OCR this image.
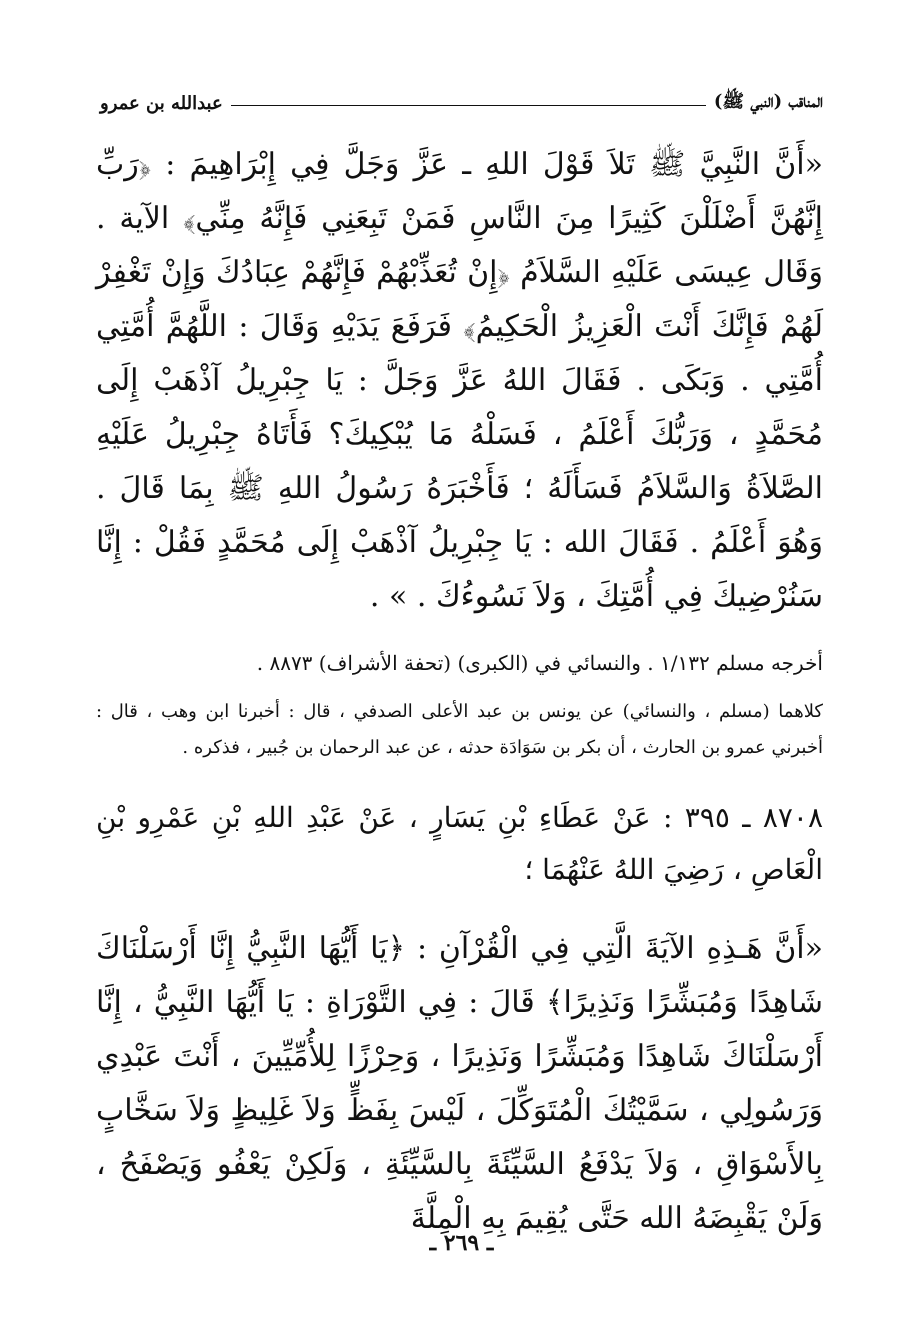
المناقب (النبي ﷺ)
عبدالله بن عمرو

«أَنَّ النَّبِيَّ ﷺ تَلاَ قَوْلَ اللهِ ـ عَزَّ وَجَلَّ فِي إِبْرَاهِيمَ : ﴿رَبِّ إِنَّهُنَّ أَضْلَلْنَ كَثِيرًا مِنَ النَّاسِ فَمَنْ تَبِعَنِي فَإِنَّهُ مِنِّي﴾ الآية . وَقَال عِيسَى عَلَيْهِ السَّلاَمُ ﴿إِنْ تُعَذِّبْهُمْ فَإِنَّهُمْ عِبَادُكَ وَإِنْ تَغْفِرْ لَهُمْ فَإِنَّكَ أَنْتَ الْعَزِيزُ الْحَكِيمُ﴾ فَرَفَعَ يَدَيْهِ وَقَالَ : اللَّهُمَّ أُمَّتِي أُمَّتِي . وَبَكَى . فَقَالَ اللهُ عَزَّ وَجَلَّ : يَا جِبْرِيلُ آذْهَبْ إِلَى مُحَمَّدٍ ، وَرَبُّكَ أَعْلَمُ ، فَسَلْهُ مَا يُبْكِيكَ؟ فَأَتَاهُ جِبْرِيلُ عَلَيْهِ الصَّلاَةُ وَالسَّلاَمُ فَسَأَلَهُ ؛ فَأَخْبَرَهُ رَسُولُ اللهِ ﷺ بِمَا قَالَ . وَهُوَ أَعْلَمُ . فَقَالَ الله : يَا جِبْرِيلُ آذْهَبْ إِلَى مُحَمَّدٍ فَقُلْ : إِنَّا سَنُرْضِيكَ فِي أُمَّتِكَ ، وَلاَ نَسُوءُكَ . » .

أخرجه مسلم ١/١٣٢ . والنسائي في (الكبرى) (تحفة الأشراف) ٨٨٧٣ .

كلاهما (مسلم ، والنسائي) عن يونس بن عبد الأعلى الصدفي ، قال : أخبرنا ابن وهب ، قال : أخبرني عمرو بن الحارث ، أن بكر بن سَوَادَة حدثه ، عن عبد الرحمان بن جُبير ، فذكره .

٨٧٠٨ ـ ٣٩٥ : عَنْ عَطَاءِ بْنِ يَسَارٍ ، عَنْ عَبْدِ اللهِ بْنِ عَمْرِو بْنِ الْعَاصِ ، رَضِيَ اللهُ عَنْهُمَا ؛

«أَنَّ هَـذِهِ الآيَةَ الَّتِي فِي الْقُرْآنِ : ﴿يَا أَيُّهَا النَّبِيُّ إِنَّا أَرْسَلْنَاكَ شَاهِدًا وَمُبَشِّرًا وَنَذِيرًا﴾ قَالَ : فِي التَّوْرَاةِ : يَا أَيُّهَا النَّبِيُّ ، إِنَّا أَرْسَلْنَاكَ شَاهِدًا وَمُبَشِّرًا وَنَذِيرًا ، وَحِرْزًا لِلأُمِّيِّينَ ، أَنْتَ عَبْدِي وَرَسُولِي ، سَمَّيْتُكَ الْمُتَوَكِّلَ ، لَيْسَ بِفَظٍّ وَلاَ غَلِيظٍ وَلاَ سَخَّابٍ بِالأَسْوَاقِ ، وَلاَ يَدْفَعُ السَّيِّئَةَ بِالسَّيِّئَةِ ، وَلَكِنْ يَعْفُو وَيَصْفَحُ ، وَلَنْ يَقْبِضَهُ الله حَتَّى يُقِيمَ بِهِ الْمِلَّةَ

ـ ٢٦٩ ـ
